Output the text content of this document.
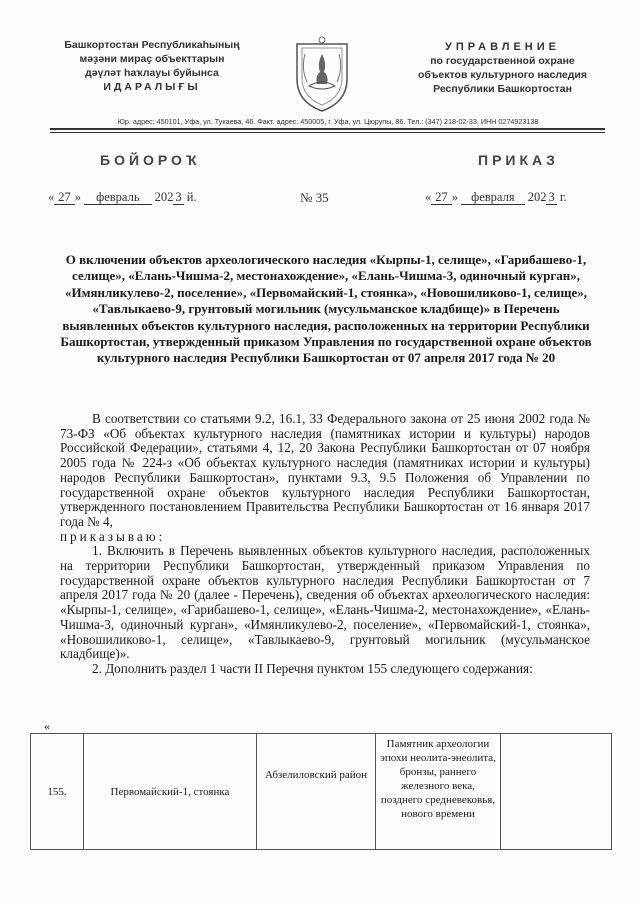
Башкортостан Республикаһының
мәҙәни мираҫ объекттарын
дәүләт һаҡлауы буйынса
ИДАРАЛЫҒЫ
УПРАВЛЕНИЕ
по государственной охране
объектов культурного наследия
Республики Башкортостан
Юр. адрес: 450101, Уфа, ул. Тукаева, 46. Факт. адрес: 450005, г. Уфа, ул. Цюрупы, 86. Тел.: (347) 218-02-33. ИНН 0274923138
БОЙОРОҠ	ПРИКАЗ
« 27 » февраль 202 3 й.	№ 35	« 27 » февраля 202 3 г.
О включении объектов археологического наследия «Кырпы-1, селище», «Гарибашево-1, селище», «Елань-Чишма-2, местонахождение», «Елань-Чишма-3, одиночный курган», «Имянликулево-2, поселение», «Первомайский-1, стоянка», «Новошиликово-1, селище», «Тавлыкаево-9, грунтовый могильник (мусульманское кладбище)» в Перечень выявленных объектов культурного наследия, расположенных на территории Республики Башкортостан, утвержденный приказом Управления по государственной охране объектов культурного наследия Республики Башкортостан от 07 апреля 2017 года № 20

В соответствии со статьями 9.2, 16.1, 33 Федерального закона от 25 июня 2002 года № 73-ФЗ «Об объектах культурного наследия (памятниках истории и культуры) народов Российской Федерации», статьями 4, 12, 20 Закона Республики Башкортостан от 07 ноября 2005 года № 224-з «Об объектах культурного наследия (памятниках истории и культуры) народов Республики Башкортостан», пунктами 9.3, 9.5 Положения об Управлении по государственной охране объектов культурного наследия Республики Башкортостан, утвержденного постановлением Правительства Республики Башкортостан от 16 января 2017 года № 4,

приказываю:

1. Включить в Перечень выявленных объектов культурного наследия, расположенных на территории Республики Башкортостан, утвержденный приказом Управления по государственной охране объектов культурного наследия Республики Башкортостан от 7 апреля 2017 года № 20 (далее - Перечень), сведения об объектах археологического наследия: «Кырпы-1, селище», «Гарибашево-1, селище», «Елань-Чишма-2, местонахождение», «Елань-Чишма-3, одиночный курган», «Имянликулево-2, поселение», «Первомайский-1, стоянка», «Новошиликово-1, селище», «Тавлыкаево-9, грунтовый могильник (мусульманское кладбище)».

2. Дополнить раздел 1 части II Перечня пунктом 155 следующего содержания:

«
155.	Первомайский-1, стоянка	Абзелиловский район	Памятник археологии эпохи неолита-энеолита, бронзы, раннего железного века, позднего средневековья, нового времени	
